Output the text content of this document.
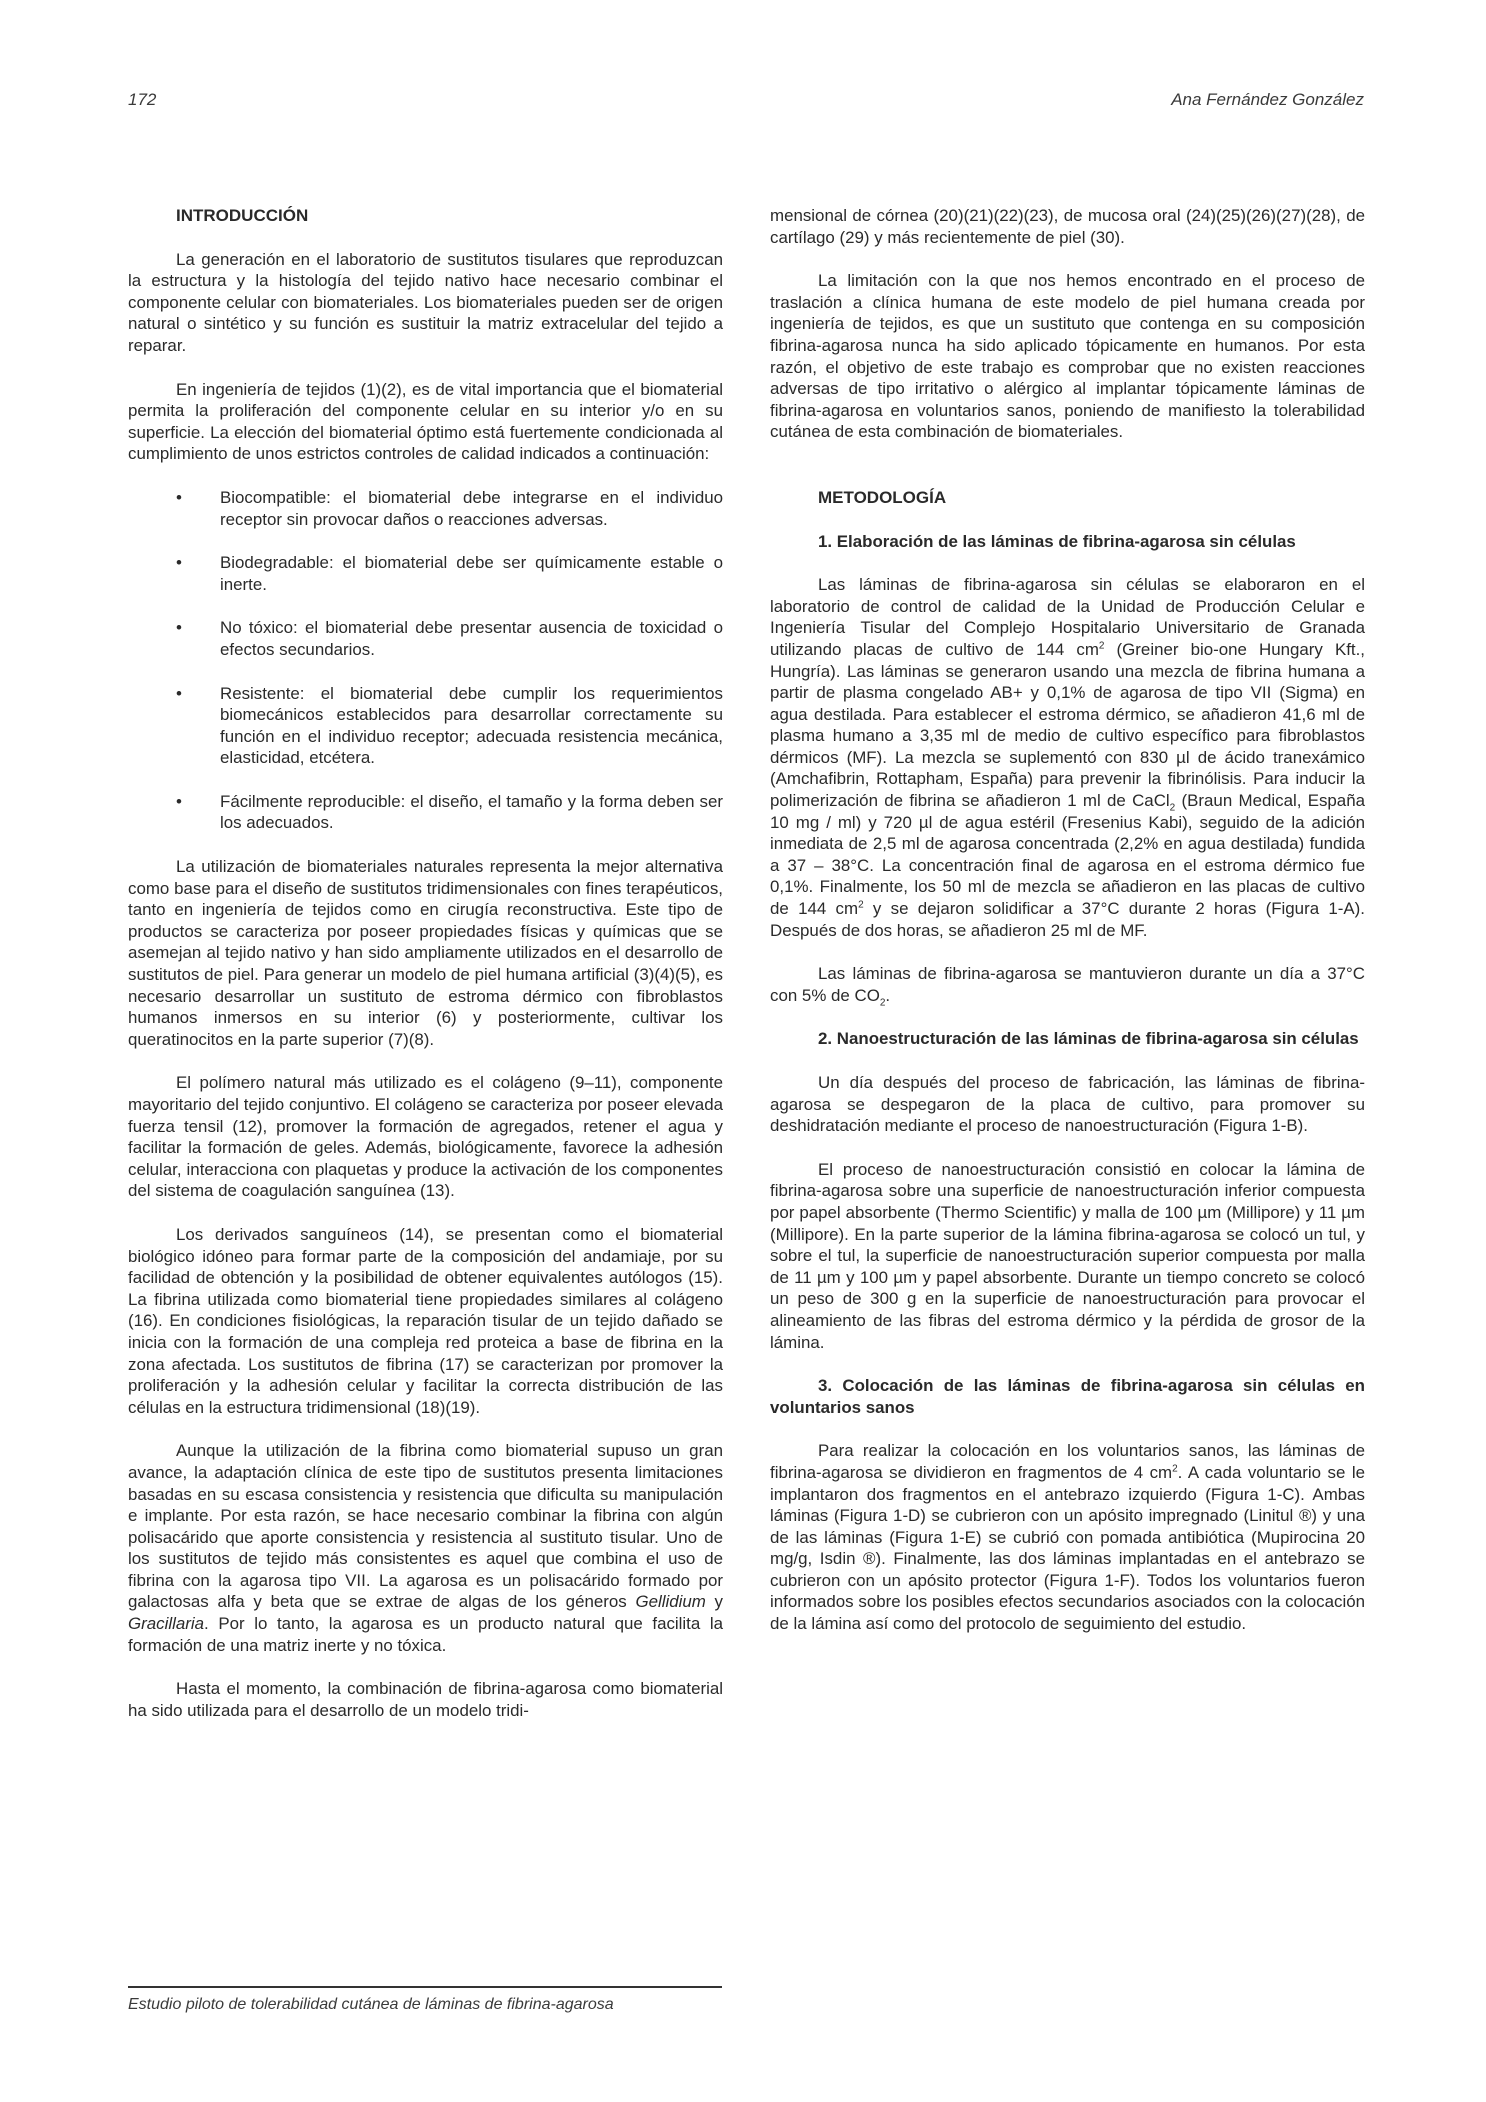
172	Ana Fernández González
INTRODUCCIÓN

La generación en el laboratorio de sustitutos tisulares que reproduzcan la estructura y la histología del tejido nativo hace necesario combinar el componente celular con biomateriales. Los biomateriales pueden ser de origen natural o sintético y su función es sustituir la matriz extracelular del tejido a reparar.

En ingeniería de tejidos (1)(2), es de vital importancia que el biomaterial permita la proliferación del componente celular en su interior y/o en su superficie. La elección del biomaterial óptimo está fuertemente condicionada al cumplimiento de unos estrictos controles de calidad indicados a continuación:

• Biocompatible: el biomaterial debe integrarse en el individuo receptor sin provocar daños o reacciones adversas.
• Biodegradable: el biomaterial debe ser químicamente estable o inerte.
• No tóxico: el biomaterial debe presentar ausencia de toxicidad o efectos secundarios.
• Resistente: el biomaterial debe cumplir los requerimientos biomecánicos establecidos para desarrollar correctamente su función en el individuo receptor; adecuada resistencia mecánica, elasticidad, etcétera.
• Fácilmente reproducible: el diseño, el tamaño y la forma deben ser los adecuados.

La utilización de biomateriales naturales representa la mejor alternativa como base para el diseño de sustitutos tridimensionales con fines terapéuticos, tanto en ingeniería de tejidos como en cirugía reconstructiva. Este tipo de productos se caracteriza por poseer propiedades físicas y químicas que se asemejan al tejido nativo y han sido ampliamente utilizados en el desarrollo de sustitutos de piel. Para generar un modelo de piel humana artificial (3)(4)(5), es necesario desarrollar un sustituto de estroma dérmico con fibroblastos humanos inmersos en su interior (6) y posteriormente, cultivar los queratinocitos en la parte superior (7)(8).

El polímero natural más utilizado es el colágeno (9–11), componente mayoritario del tejido conjuntivo. El colágeno se caracteriza por poseer elevada fuerza tensil (12), promover la formación de agregados, retener el agua y facilitar la formación de geles. Además, biológicamente, favorece la adhesión celular, interacciona con plaquetas y produce la activación de los componentes del sistema de coagulación sanguínea (13).

Los derivados sanguíneos (14), se presentan como el biomaterial biológico idóneo para formar parte de la composición del andamiaje, por su facilidad de obtención y la posibilidad de obtener equivalentes autólogos (15). La fibrina utilizada como biomaterial tiene propiedades similares al colágeno (16). En condiciones fisiológicas, la reparación tisular de un tejido dañado se inicia con la formación de una compleja red proteica a base de fibrina en la zona afectada. Los sustitutos de fibrina (17) se caracterizan por promover la proliferación y la adhesión celular y facilitar la correcta distribución de las células en la estructura tridimensional (18)(19).

Aunque la utilización de la fibrina como biomaterial supuso un gran avance, la adaptación clínica de este tipo de sustitutos presenta limitaciones basadas en su escasa consistencia y resistencia que dificulta su manipulación e implante. Por esta razón, se hace necesario combinar la fibrina con algún polisacárido que aporte consistencia y resistencia al sustituto tisular. Uno de los sustitutos de tejido más consistentes es aquel que combina el uso de fibrina con la agarosa tipo VII. La agarosa es un polisacárido formado por galactosas alfa y beta que se extrae de algas de los géneros Gellidium y Gracillaria. Por lo tanto, la agarosa es un producto natural que facilita la formación de una matriz inerte y no tóxica.

Hasta el momento, la combinación de fibrina-agarosa como biomaterial ha sido utilizada para el desarrollo de un modelo tridi-

mensional de córnea (20)(21)(22)(23), de mucosa oral (24)(25)(26)(27)(28), de cartílago (29) y más recientemente de piel (30).

La limitación con la que nos hemos encontrado en el proceso de traslación a clínica humana de este modelo de piel humana creada por ingeniería de tejidos, es que un sustituto que contenga en su composición fibrina-agarosa nunca ha sido aplicado tópicamente en humanos. Por esta razón, el objetivo de este trabajo es comprobar que no existen reacciones adversas de tipo irritativo o alérgico al implantar tópicamente láminas de fibrina-agarosa en voluntarios sanos, poniendo de manifiesto la tolerabilidad cutánea de esta combinación de biomateriales.

METODOLOGÍA
1. Elaboración de las láminas de fibrina-agarosa sin células

Las láminas de fibrina-agarosa sin células se elaboraron en el laboratorio de control de calidad de la Unidad de Producción Celular e Ingeniería Tisular del Complejo Hospitalario Universitario de Granada utilizando placas de cultivo de 144 $cm^2$ (Greiner bio-one Hungary Kft., Hungría). Las láminas se generaron usando una mezcla de fibrina humana a partir de plasma congelado AB+ y 0,1% de agarosa de tipo VII (Sigma) en agua destilada. Para establecer el estroma dérmico, se añadieron 41,6 ml de plasma humano a 3,35 ml de medio de cultivo específico para fibroblastos dérmicos (MF). La mezcla se suplementó con 830 µl de ácido tranexámico (Amchafibrin, Rottapham, España) para prevenir la fibrinólisis. Para inducir la polimerización de fibrina se añadieron 1 ml de CaCl$_2$ (Braun Medical, España 10 mg / ml) y 720 µl de agua estéril (Fresenius Kabi), seguido de la adición inmediata de 2,5 ml de agarosa concentrada (2,2% en agua destilada) fundida a 37 – 38°C. La concentración final de agarosa en el estroma dérmico fue 0,1%. Finalmente, los 50 ml de mezcla se añadieron en las placas de cultivo de 144 $cm^2$ y se dejaron solidificar a 37°C durante 2 horas (Figura 1-A). Después de dos horas, se añadieron 25 ml de MF.

Las láminas de fibrina-agarosa se mantuvieron durante un día a 37°C con 5% de $CO_2$.

2. Nanoestructuración de las láminas de fibrina-agarosa sin células

Un día después del proceso de fabricación, las láminas de fibrina-agarosa se despegaron de la placa de cultivo, para promover su deshidratación mediante el proceso de nanoestructuración (Figura 1-B).

El proceso de nanoestructuración consistió en colocar la lámina de fibrina-agarosa sobre una superficie de nanoestructuración inferior compuesta por papel absorbente (Thermo Scientific) y malla de 100 µm (Millipore) y 11 µm (Millipore). En la parte superior de la lámina fibrina-agarosa se colocó un tul, y sobre el tul, la superficie de nanoestructuración superior compuesta por malla de 11 µm y 100 µm y papel absorbente. Durante un tiempo concreto se colocó un peso de 300 g en la superficie de nanoestructuración para provocar el alineamiento de las fibras del estroma dérmico y la pérdida de grosor de la lámina.

3. Colocación de las láminas de fibrina-agarosa sin células en voluntarios sanos

Para realizar la colocación en los voluntarios sanos, las láminas de fibrina-agarosa se dividieron en fragmentos de 4 $cm^2$. A cada voluntario se le implantaron dos fragmentos en el antebrazo izquierdo (Figura 1-C). Ambas láminas (Figura 1-D) se cubrieron con un apósito impregnado (Linitul ®) y una de las láminas (Figura 1-E) se cubrió con pomada antibiótica (Mupirocina 20 mg/g, Isdin ®). Finalmente, las dos láminas implantadas en el antebrazo se cubrieron con un apósito protector (Figura 1-F). Todos los voluntarios fueron informados sobre los posibles efectos secundarios asociados con la colocación de la lámina así como del protocolo de seguimiento del estudio.

Estudio piloto de tolerabilidad cutánea de láminas de fibrina-agarosa
